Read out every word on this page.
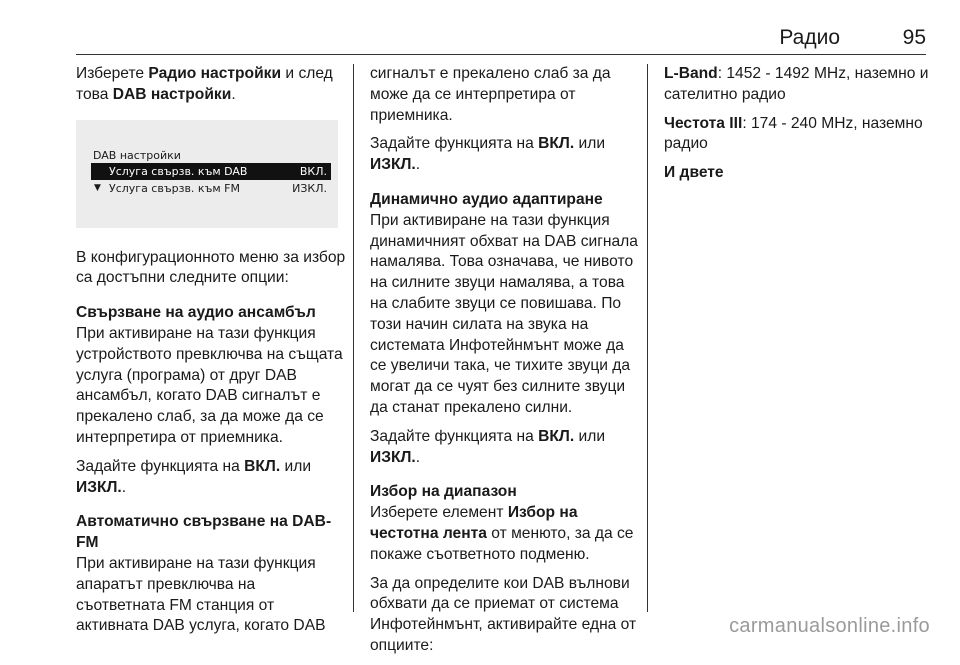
Радио	95

Изберете Радио настройки и след това DAB настройки.

DAB настройки
Услуга свързв. към DAB	ВКЛ.
▼ Услуга свързв. към FM	ИЗКЛ.

В конфигурационното меню за избор са достъпни следните опции:

Свързване на аудио ансамбъл

При активиране на тази функция устройството превключва на същата услуга (програма) от друг DAB ансамбъл, когато DAB сигналът е прекалено слаб, за да може да се интерпретира от приемника.

Задайте функцията на ВКЛ. или ИЗКЛ..

Автоматично свързване на DAB-FM

При активиране на тази функция апаратът превключва на съответната FM станция от активната DAB услуга, когато DAB

сигналът е прекалено слаб за да може да се интерпретира от приемника.

Задайте функцията на ВКЛ. или ИЗКЛ..

Динамично аудио адаптиране

При активиране на тази функция динамичният обхват на DAB сигнала намалява. Това означава, че нивото на силните звуци намалява, а това на слабите звуци се повишава. По този начин силата на звука на системата Инфотейнмънт може да се увеличи така, че тихите звуци да могат да се чуят без силните звуци да станат прекалено силни.

Задайте функцията на ВКЛ. или ИЗКЛ..

Избор на диапазон

Изберете елемент Избор на честотна лента от менюто, за да се покаже съответното подменю.

За да определите кои DAB вълнови обхвати да се приемат от система Инфотейнмънт, активирайте една от опциите:

L-Band: 1452 - 1492 MHz, наземно и сателитно радио

Честота III: 174 - 240 MHz, наземно радио

И двете

carmanualsonline.info
